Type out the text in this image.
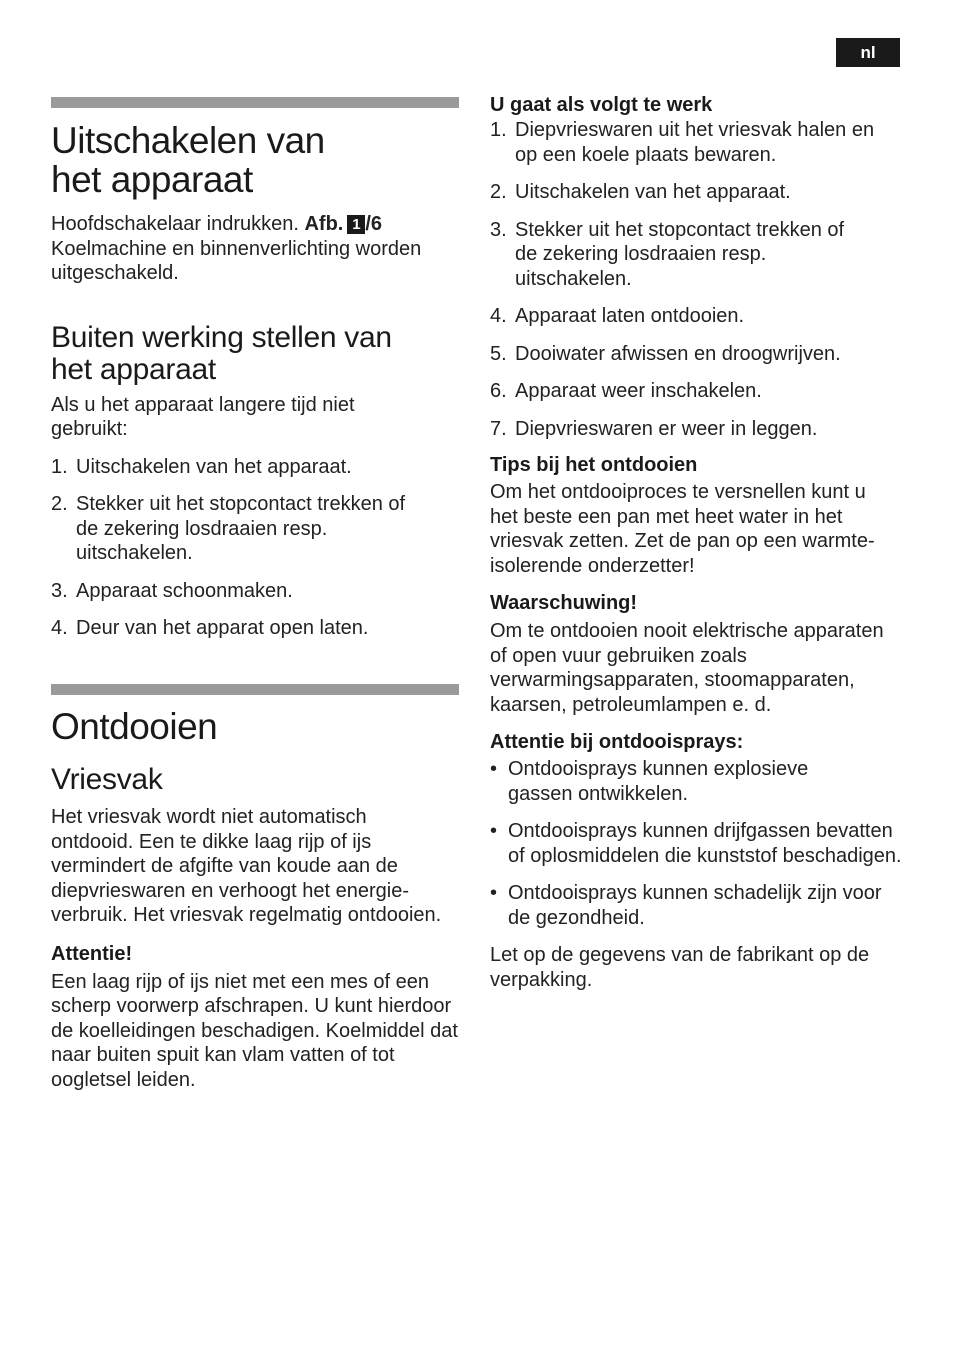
nl
Uitschakelen van
het apparaat

Hoofdschakelaar indrukken. Afb. 1 /6
Koelmachine en binnenverlichting worden uitgeschakeld.

Buiten werking stellen van
het apparaat

Als u het apparaat langere tijd niet gebruikt:

1. Uitschakelen van het apparaat.
2. Stekker uit het stopcontact trekken of de zekering losdraaien resp. uitschakelen.
3. Apparaat schoonmaken.
4. Deur van het apparat open laten.
Ontdooien
Vriesvak

Het vriesvak wordt niet automatisch ontdooid. Een te dikke laag rijp of ijs vermindert de afgifte van koude aan de diepvrieswaren en verhoogt het energie-verbruik. Het vriesvak regelmatig ontdooien.

Attentie!

Een laag rijp of ijs niet met een mes of een scherp voorwerp afschrapen. U kunt hierdoor de koelleidingen beschadigen. Koelmiddel dat naar buiten spuit kan vlam vatten of tot oogletsel leiden.

U gaat als volgt te werk
1. Diepvrieswaren uit het vriesvak halen en op een koele plaats bewaren.
2. Uitschakelen van het apparaat.
3. Stekker uit het stopcontact trekken of de zekering losdraaien resp. uitschakelen.
4. Apparaat laten ontdooien.
5. Dooiwater afwissen en droogwrijven.
6. Apparaat weer inschakelen.
7. Diepvrieswaren er weer in leggen.
Tips bij het ontdooien

Om het ontdooiproces te versnellen kunt u het beste een pan met heet water in het vriesvak zetten. Zet de pan op een warmte-isolerende onderzetter!

Waarschuwing!

Om te ontdooien nooit elektrische apparaten of open vuur gebruiken zoals verwarmingsapparaten, stoomapparaten, kaarsen, petroleumlampen e. d.

Attentie bij ontdooisprays:
• Ontdooisprays kunnen explosieve gassen ontwikkelen.
• Ontdooisprays kunnen drijfgassen bevatten of oplosmiddelen die kunststof beschadigen.
• Ontdooisprays kunnen schadelijk zijn voor de gezondheid.

Let op de gegevens van de fabrikant op de verpakking.
